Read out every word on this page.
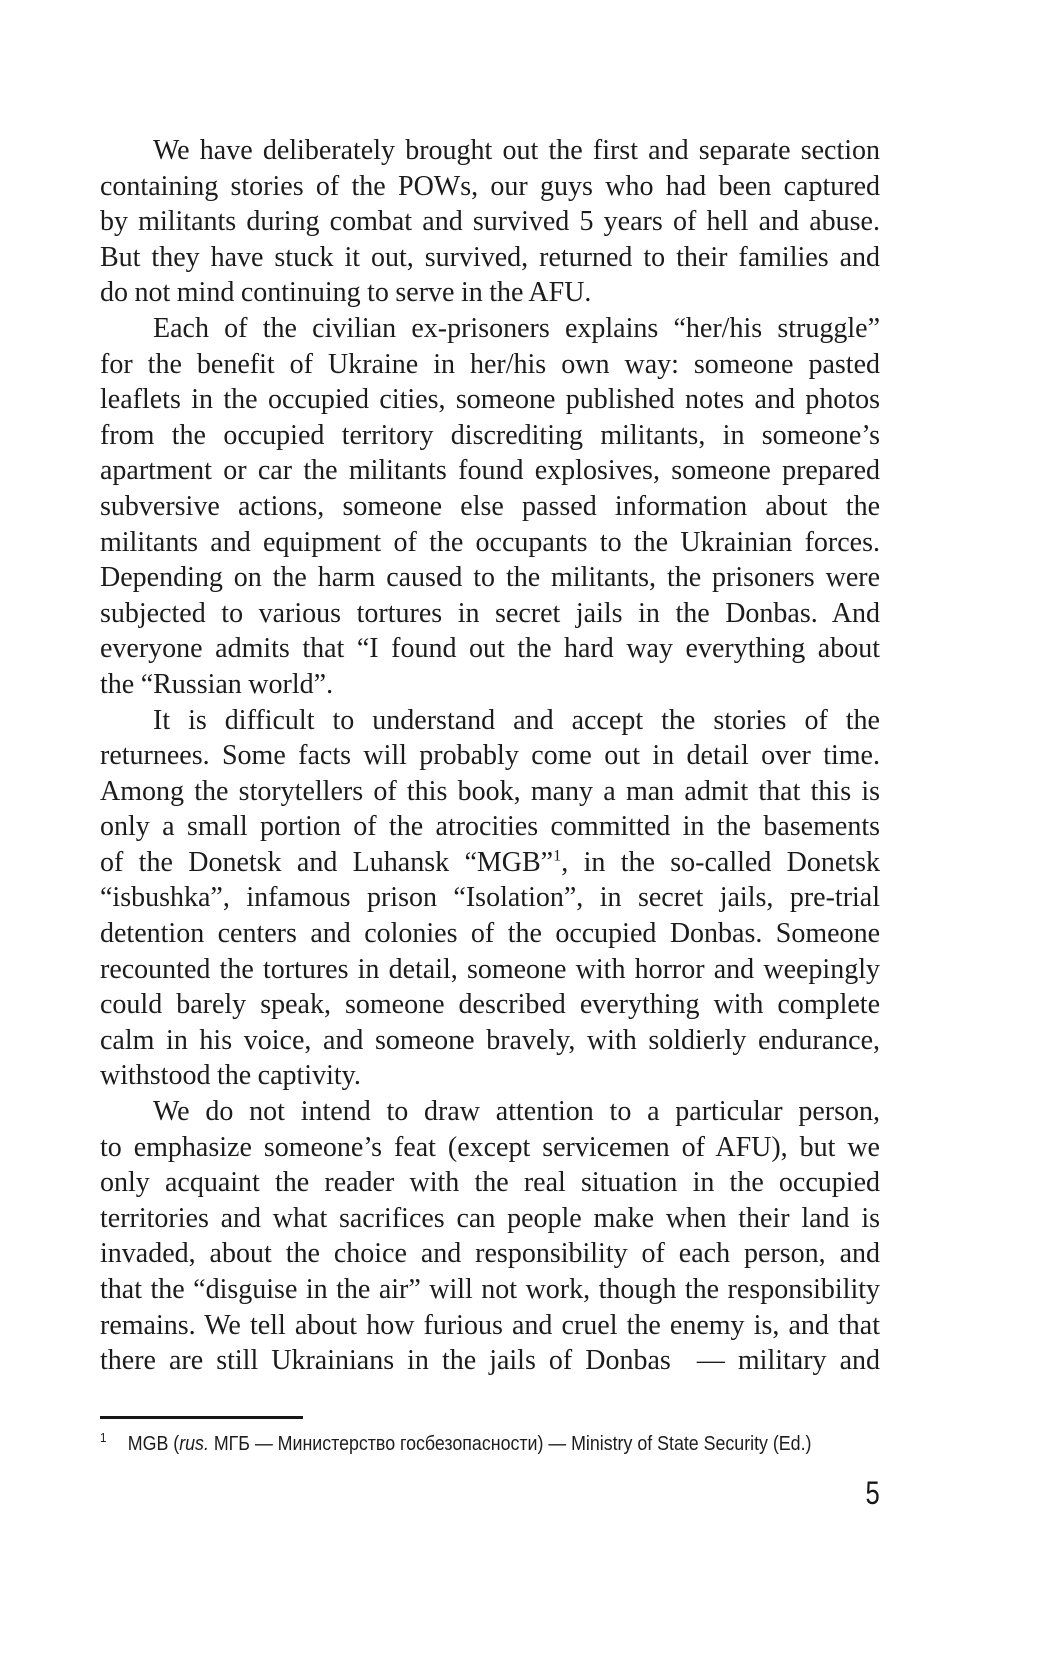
We have deliberately brought out the first and separate section
containing stories of the POWs, our guys who had been captured
by militants during combat and survived 5 years of hell and abuse.
But they have stuck it out, survived, returned to their families and
do not mind continuing to serve in the AFU.
Each of the civilian ex-prisoners explains “her/his struggle”
for the benefit of Ukraine in her/his own way: someone pasted
leaflets in the occupied cities, someone published notes and photos
from the occupied territory discrediting militants, in someone’s
apartment or car the militants found explosives, someone prepared
subversive actions, someone else passed information about the
militants and equipment of the occupants to the Ukrainian forces.
Depending on the harm caused to the militants, the prisoners were
subjected to various tortures in secret jails in the Donbas. And
everyone admits that “I found out the hard way everything about
the “Russian world”.
It is difficult to understand and accept the stories of the
returnees. Some facts will probably come out in detail over time.
Among the storytellers of this book, many a man admit that this is
only a small portion of the atrocities committed in the basements
of the Donetsk and Luhansk “MGB”$^1$, in the so-called Donetsk
“isbushka”, infamous prison “Isolation”, in secret jails, pre-trial
detention centers and colonies of the occupied Donbas. Someone
recounted the tortures in detail, someone with horror and weepingly
could barely speak, someone described everything with complete
calm in his voice, and someone bravely, with soldierly endurance,
withstood the captivity.
We do not intend to draw attention to a particular person,
to emphasize someone’s feat (except servicemen of AFU), but we
only acquaint the reader with the real situation in the occupied
territories and what sacrifices can people make when their land is
invaded, about the choice and responsibility of each person, and
that the “disguise in the air” will not work, though the responsibility
remains. We tell about how furious and cruel the enemy is, and that
there are still Ukrainians in the jails of Donbas  — military and
$^1$ MGB (rus. МГБ — Министерство госбезопасности) — Ministry of State Security (Ed.)
5
